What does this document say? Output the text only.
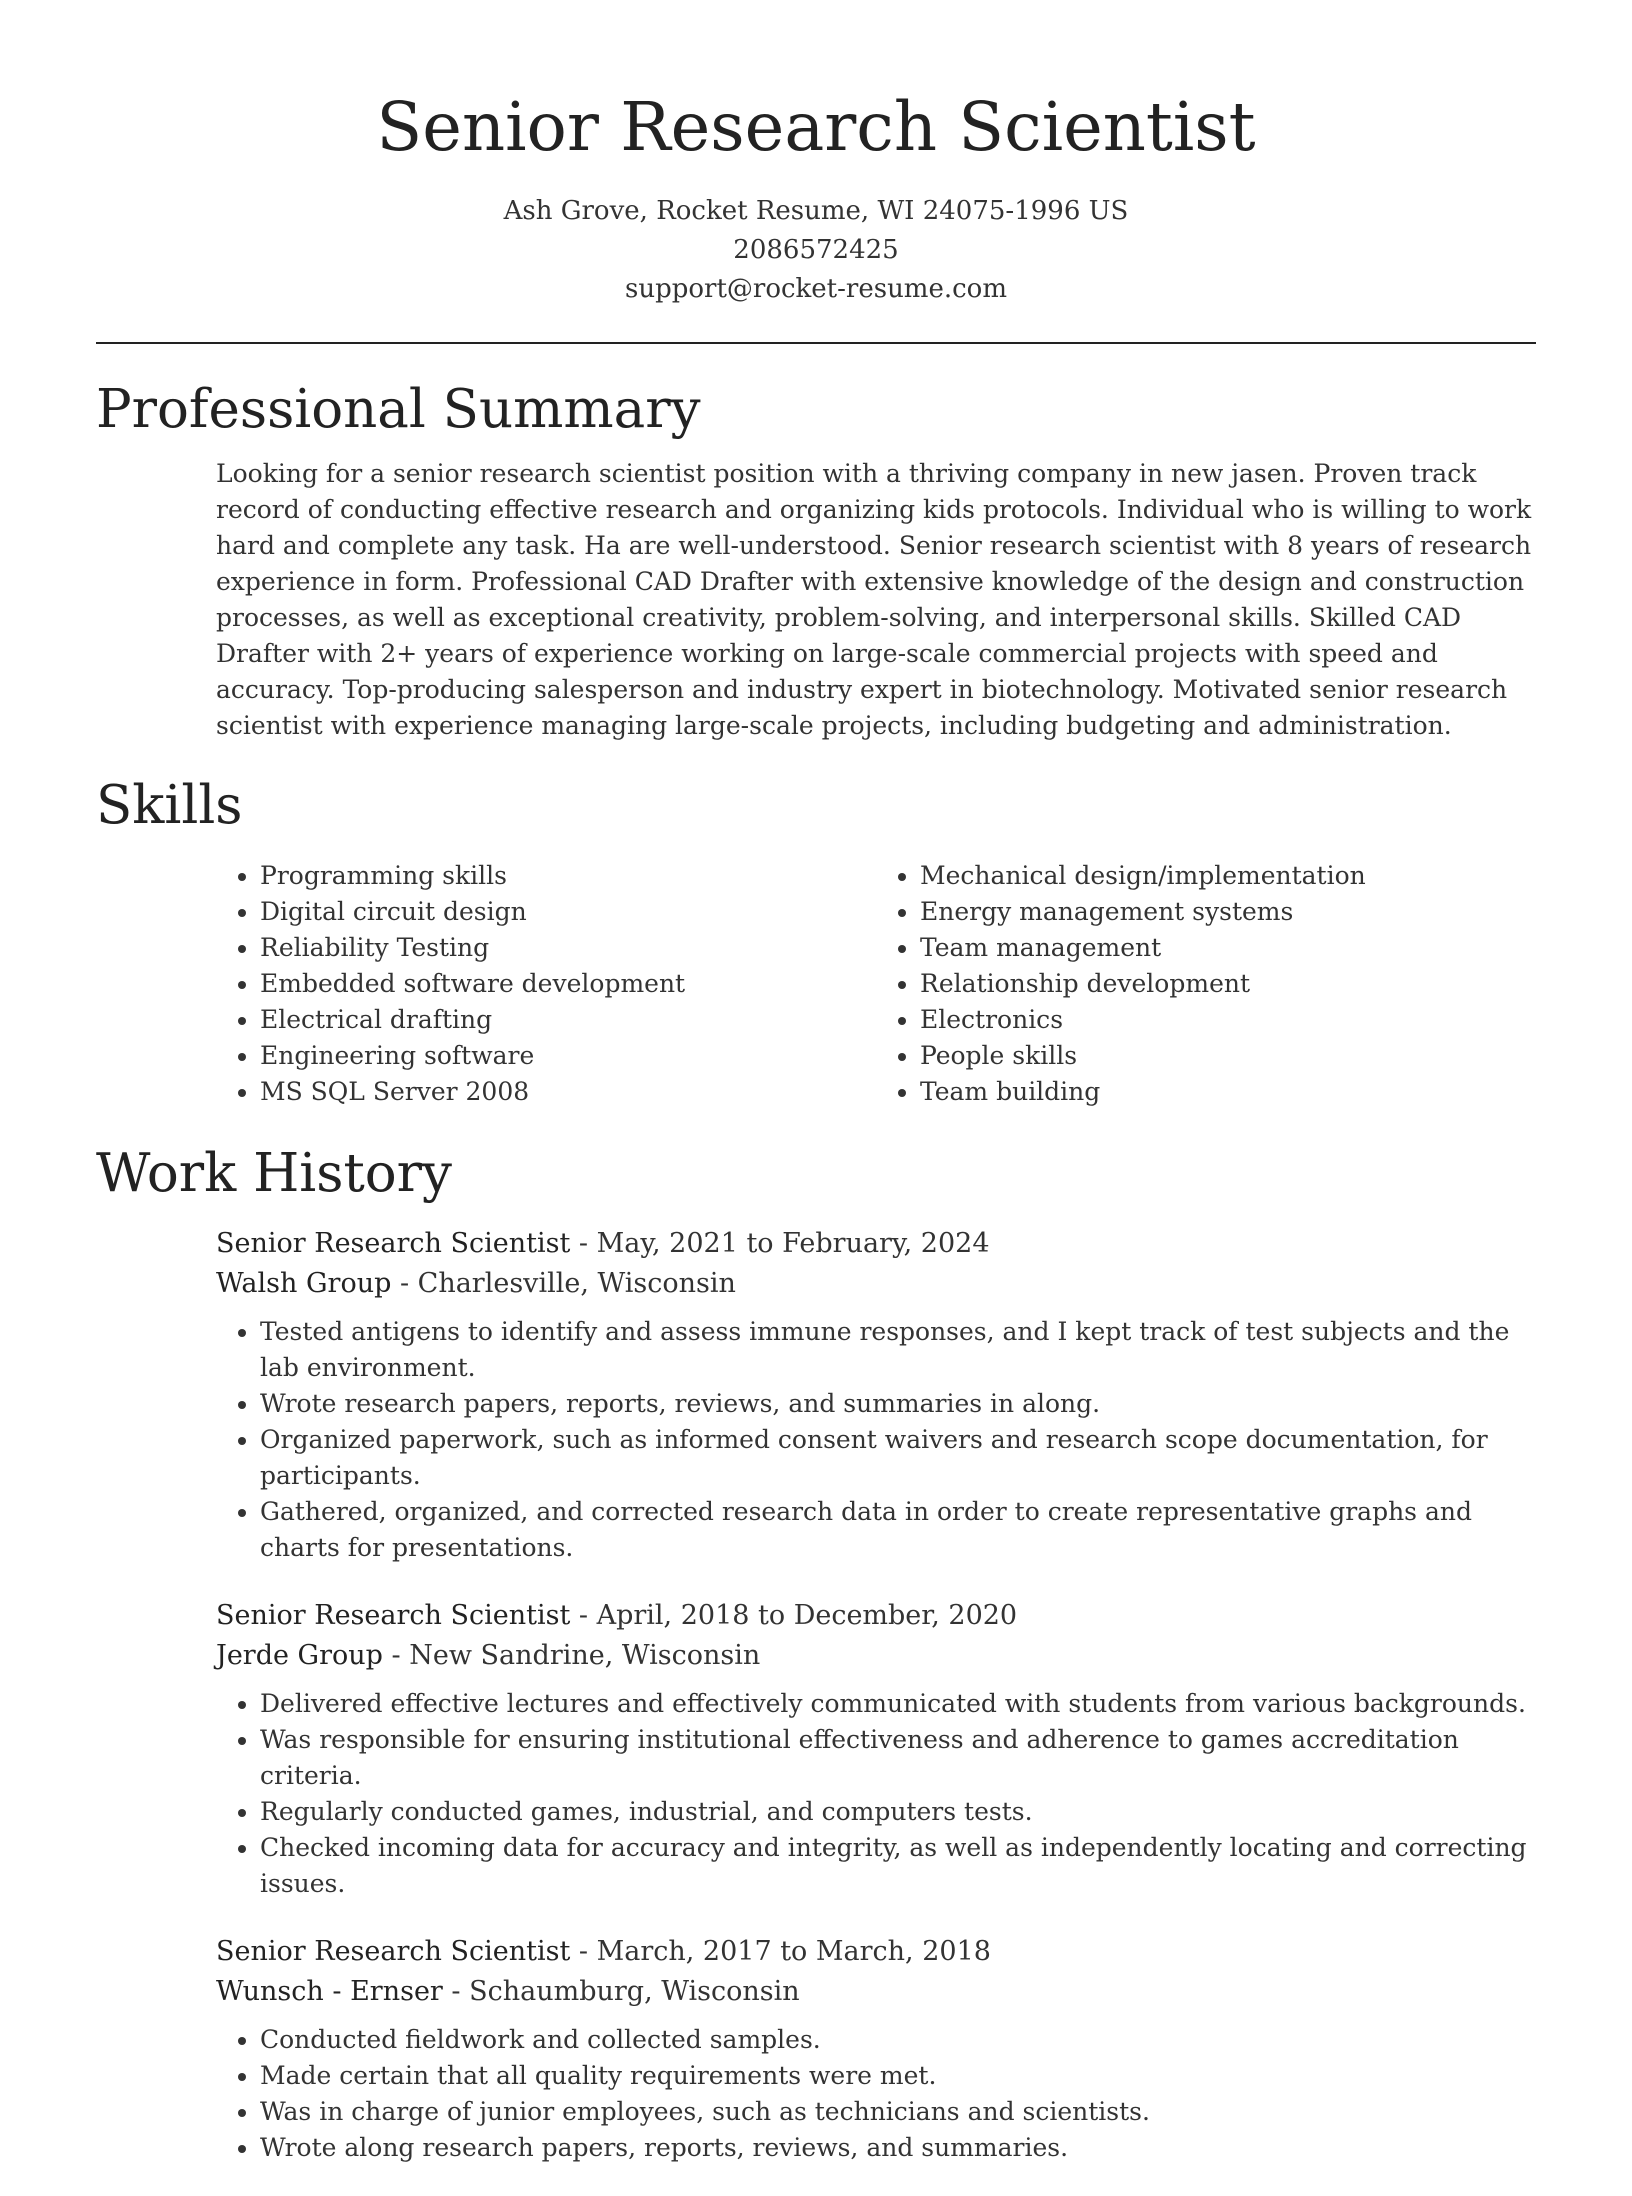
Senior Research Scientist
Ash Grove, Rocket Resume, WI 24075-1996 US
2086572425
support@rocket-resume.com
Professional Summary
Looking for a senior research scientist position with a thriving company in new jasen. Proven track record of conducting effective research and organizing kids protocols. Individual who is willing to work hard and complete any task. Ha are well-understood. Senior research scientist with 8 years of research experience in form. Professional CAD Drafter with extensive knowledge of the design and construction processes, as well as exceptional creativity, problem-solving, and interpersonal skills. Skilled CAD Drafter with 2+ years of experience working on large-scale commercial projects with speed and accuracy. Top-producing salesperson and industry expert in biotechnology. Motivated senior research scientist with experience managing large-scale projects, including budgeting and administration.
Skills
• Programming skills
• Digital circuit design
• Reliability Testing
• Embedded software development
• Electrical drafting
• Engineering software
• MS SQL Server 2008
• Mechanical design/implementation
• Energy management systems
• Team management
• Relationship development
• Electronics
• People skills
• Team building
Work History
Senior Research Scientist - May, 2021 to February, 2024
Walsh Group - Charlesville, Wisconsin
• Tested antigens to identify and assess immune responses, and I kept track of test subjects and the lab environment.
• Wrote research papers, reports, reviews, and summaries in along.
• Organized paperwork, such as informed consent waivers and research scope documentation, for participants.
• Gathered, organized, and corrected research data in order to create representative graphs and charts for presentations.
Senior Research Scientist - April, 2018 to December, 2020
Jerde Group - New Sandrine, Wisconsin
• Delivered effective lectures and effectively communicated with students from various backgrounds.
• Was responsible for ensuring institutional effectiveness and adherence to games accreditation criteria.
• Regularly conducted games, industrial, and computers tests.
• Checked incoming data for accuracy and integrity, as well as independently locating and correcting issues.
Senior Research Scientist - March, 2017 to March, 2018
Wunsch - Ernser - Schaumburg, Wisconsin
• Conducted fieldwork and collected samples.
• Made certain that all quality requirements were met.
• Was in charge of junior employees, such as technicians and scientists.
• Wrote along research papers, reports, reviews, and summaries.
